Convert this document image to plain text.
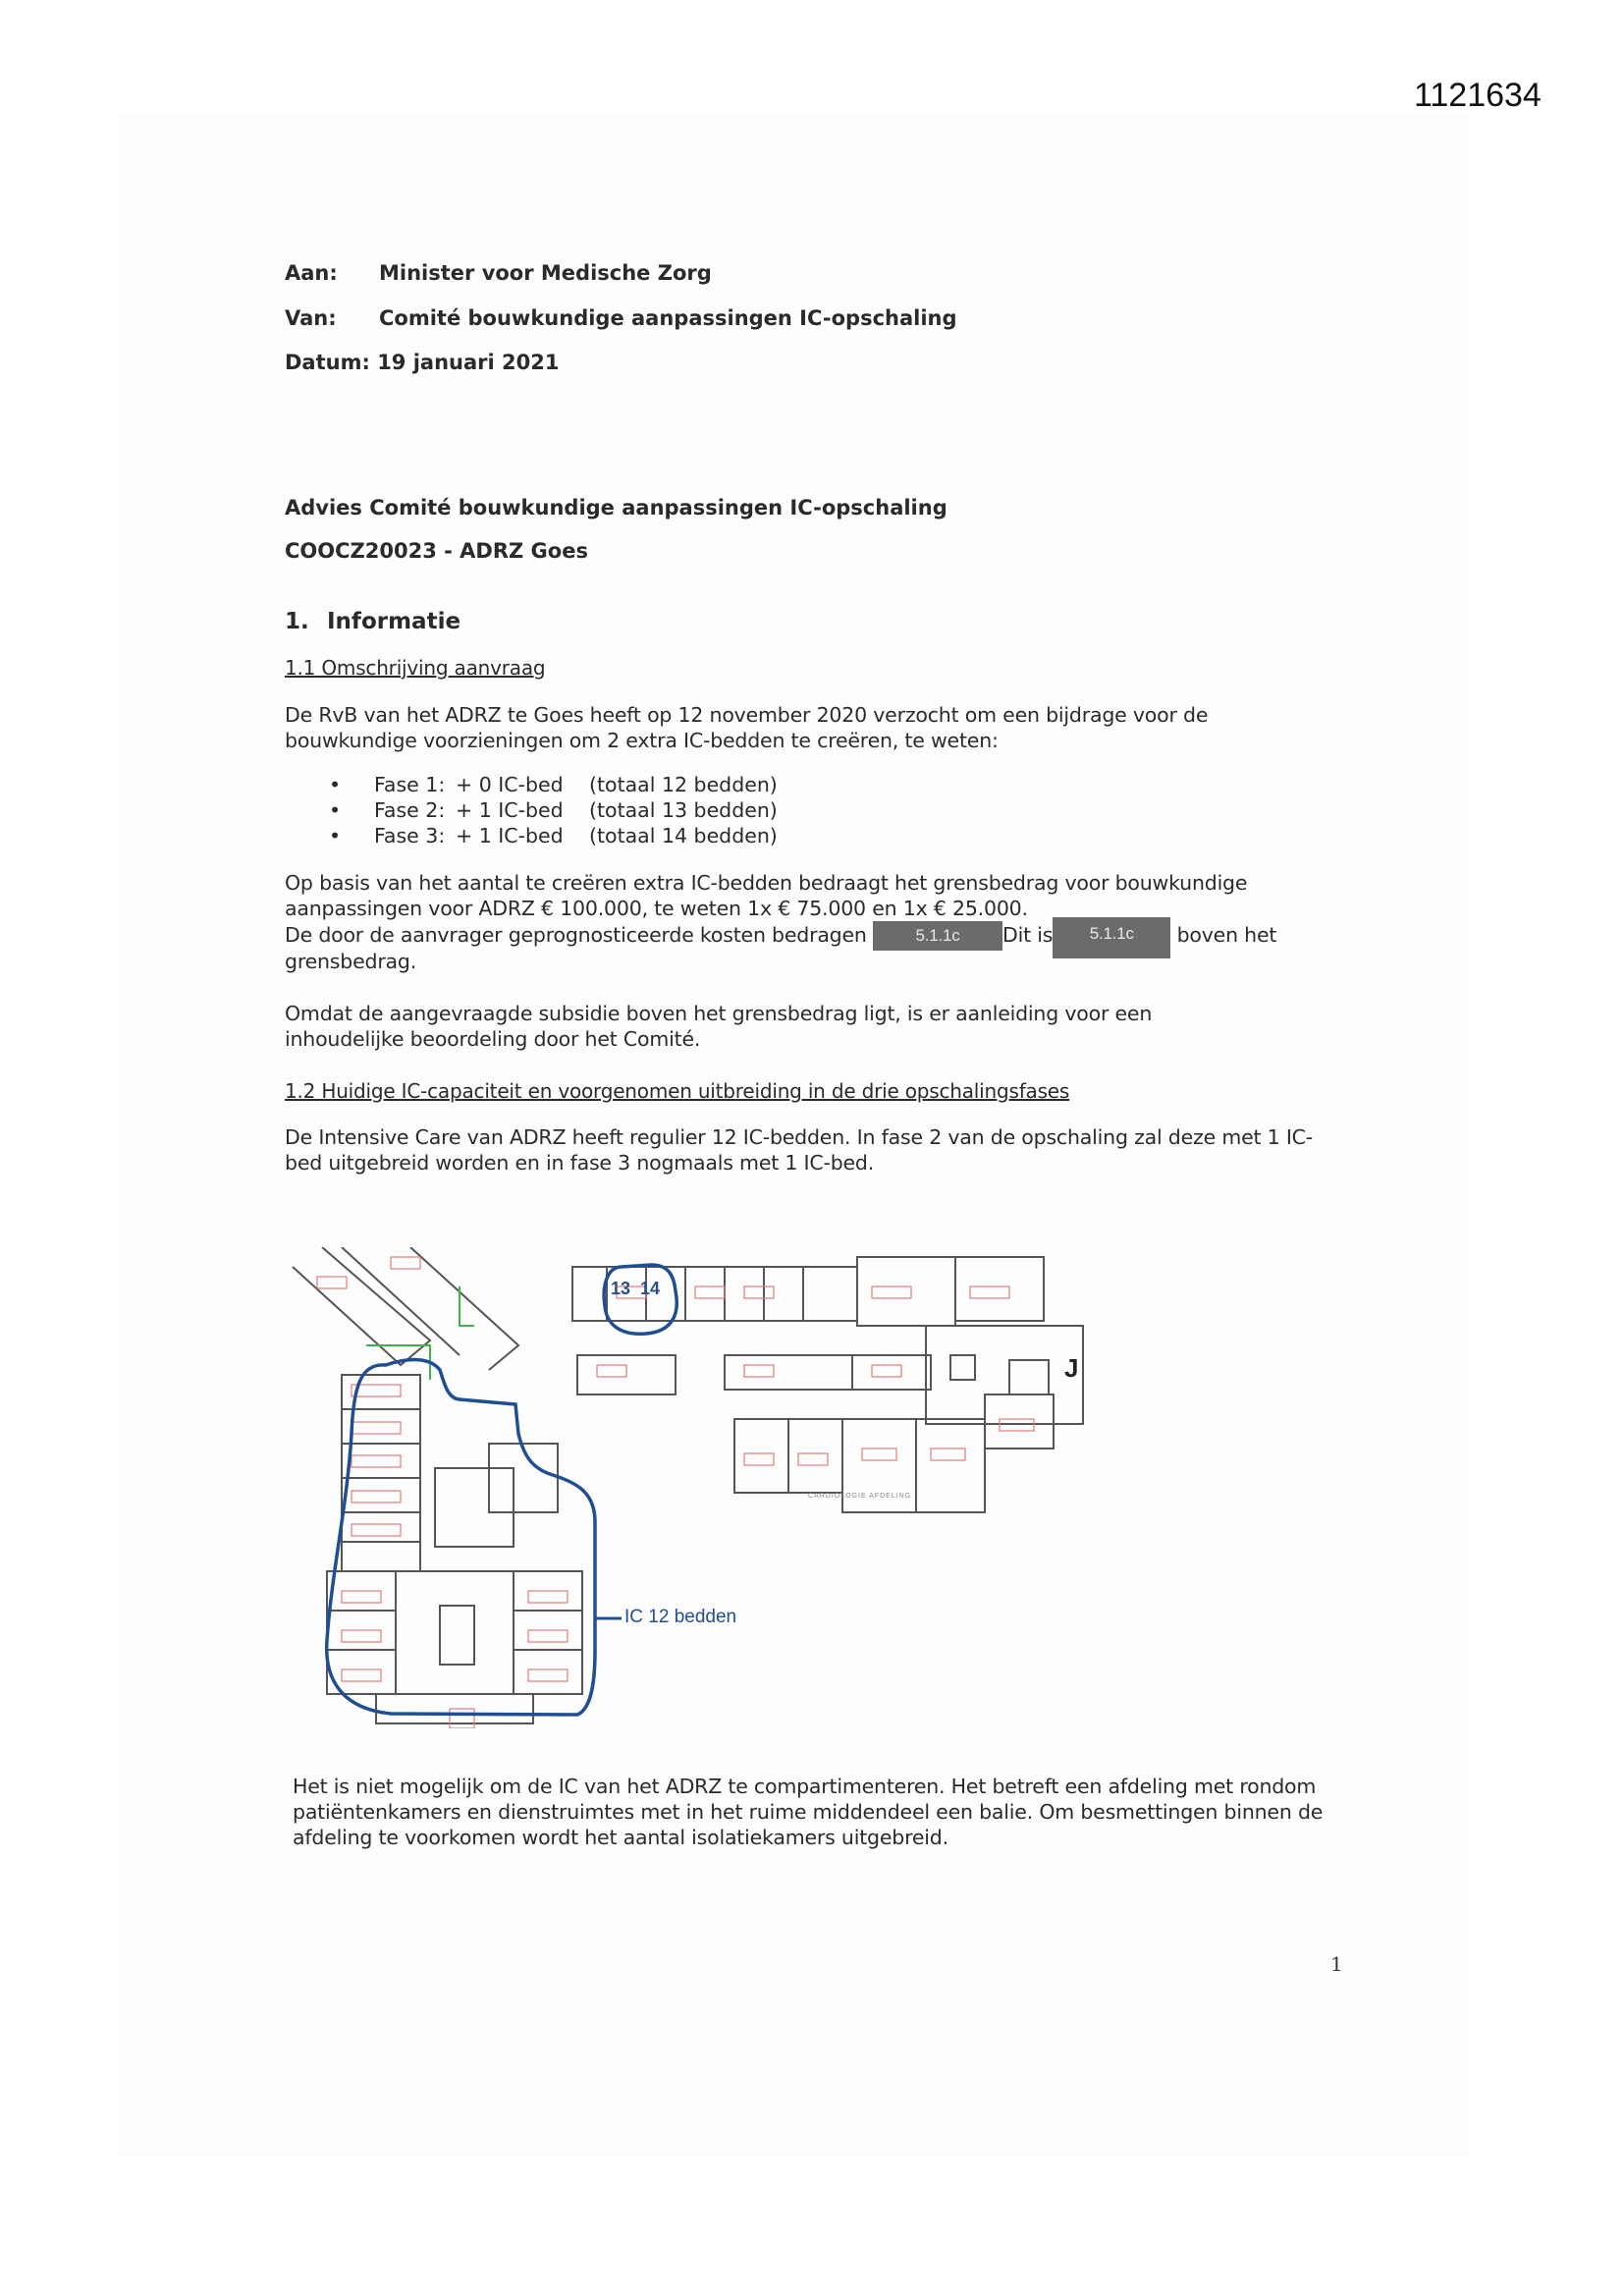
1121634
Aan: Minister voor Medische Zorg
Van: Comité bouwkundige aanpassingen IC-opschaling
Datum: 19 januari 2021
Advies Comité bouwkundige aanpassingen IC-opschaling
COOCZ20023 - ADRZ Goes
1. Informatie
1.1 Omschrijving aanvraag
De RvB van het ADRZ te Goes heeft op 12 november 2020 verzocht om een bijdrage voor de bouwkundige voorzieningen om 2 extra IC-bedden te creëren, te weten:
• Fase 1: + 0 IC-bed (totaal 12 bedden)
• Fase 2: + 1 IC-bed (totaal 13 bedden)
• Fase 3: + 1 IC-bed (totaal 14 bedden)
Op basis van het aantal te creëren extra IC-bedden bedraagt het grensbedrag voor bouwkundige aanpassingen voor ADRZ € 100.000, te weten 1x € 75.000 en 1x € 25.000.
De door de aanvrager geprognosticeerde kosten bedragen	5.1.1c Dit is 5.1.1c boven het
grensbedrag.
Omdat de aangevraagde subsidie boven het grensbedrag ligt, is er aanleiding voor een inhoudelijke beoordeling door het Comité.
1.2 Huidige IC-capaciteit en voorgenomen uitbreiding in de drie opschalingsfases
De Intensive Care van ADRZ heeft regulier 12 IC-bedden. In fase 2 van de opschaling zal deze met 1 IC-bed uitgebreid worden en in fase 3 nogmaals met 1 IC-bed.
13 14
IC 12 bedden
J
CARDIOLOGIE AFDELING
Het is niet mogelijk om de IC van het ADRZ te compartimenteren. Het betreft een afdeling met rondom patiëntenkamers en dienstruimtes met in het ruime middendeel een balie. Om besmettingen binnen de afdeling te voorkomen wordt het aantal isolatiekamers uitgebreid.
1
